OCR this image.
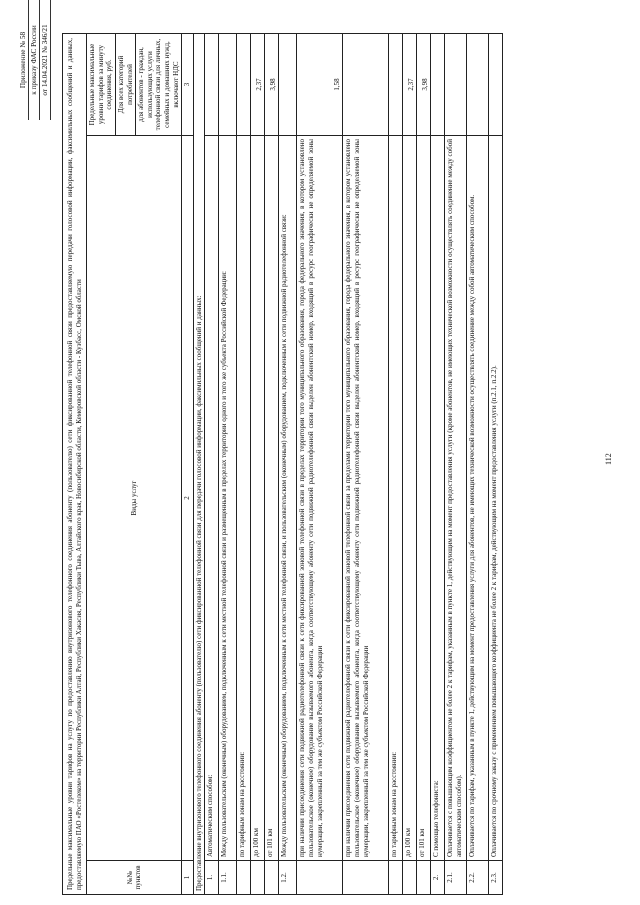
112
Приложение № 58 к приказу ФАС России от 14.04.2021 № 346/21 Предельные максимальные уровни тарифов на услугу по предоставлению внутризонового телефонного соединения абоненту (пользователю) сети фиксированной телефонной связи предоставляемую передачи голосовой информации, факсимильных сообщений и данных, предоставляемую ПАО «Ростелеком» на территории Республики Алтай, Республики Хакасия, Республики Тыва, Алтайского края, Новосибирской области, Кемеровской области - Кузбасс, Омской области		
№№ пунктов	Виды услуг	Предельные максимальные уровни тарифов за минуту соединения, руб.
		Для всех категорий потребителей
		для абонентов - граждан, использующих услуги телефонной связи для личных, семейных и домашних нужд, включают НДС
1	2	3
Предоставление внутризонового телефонного соединения абоненту (пользователю) сети фиксированной телефонной связи для передачи голосовой информации, факсимильных сообщений и данных:		
1.	Автоматическим способом:	
1.1.	Между пользовательским (оконечным) оборудованием, подключенным к сети местной телефонной связи и размещенным в пределах территории одного и того же субъекта Российской Федерации:	
	по тарифным зонам на расстоянии:	
	до 100 км	2,37
	от 101 км	3,98
1.2.	Между пользовательским (оконечным) оборудованием, подключенным к сети местной телефонной связи, и пользовательским (оконечным) оборудованием, подключенным к сети подвижной радиотелефонной связи:	
	при наличии присоединения сети подвижной радиотелефонной связи к сети фиксированной зоновой телефонной связи в пределах территории того муниципального образования, города федерального значения, в котором установлено пользовательское (оконечное) оборудование вызываемого абонента, когда соответствующему абоненту сети подвижной радиотелефонной связи выделен абонентский номер, входящий в ресурс географически не определяемой зоны нумерации, закрепленный за тем же субъектом Российской Федерации	1,58
	при наличии присоединения сети подвижной радиотелефонной связи к сети фиксированной зоновой телефонной связи за пределами территории того муниципального образования, города федерального значения, в котором установлено пользовательское (оконечное) оборудование вызываемого абонента, когда соответствующему абоненту сети подвижной радиотелефонной связи выделен абонентский номер, входящий в ресурс географически не определяемой зоны нумерации, закрепленный за тем же субъектом Российской Федерации	
	по тарифным зонам на расстоянии:	
	до 100 км	2,37
	от 101 км	3,98
2.	С помощью телефониста:	
2.1.	Оплачивается с повышающим коэффициентом не более 2 к тарифам, указанным в пункте 1, действующим на момент предоставления услуги (кроме абонентов, не имеющих технической возможности осуществлять соединение между собой автоматическим способом).	
2.2.	Оплачивается по тарифам, указанным в пункте 1, действующим на момент предоставления услуги для абонентов, не имеющих технической возможности осуществлять соединение между собой автоматическим способом.	
2.3.	Оплачивается по срочному заказу с применением повышающего коэффициента не более 2 к тарифам, действующим на момент предоставления услуги (п.2.1, п.2.2).	
